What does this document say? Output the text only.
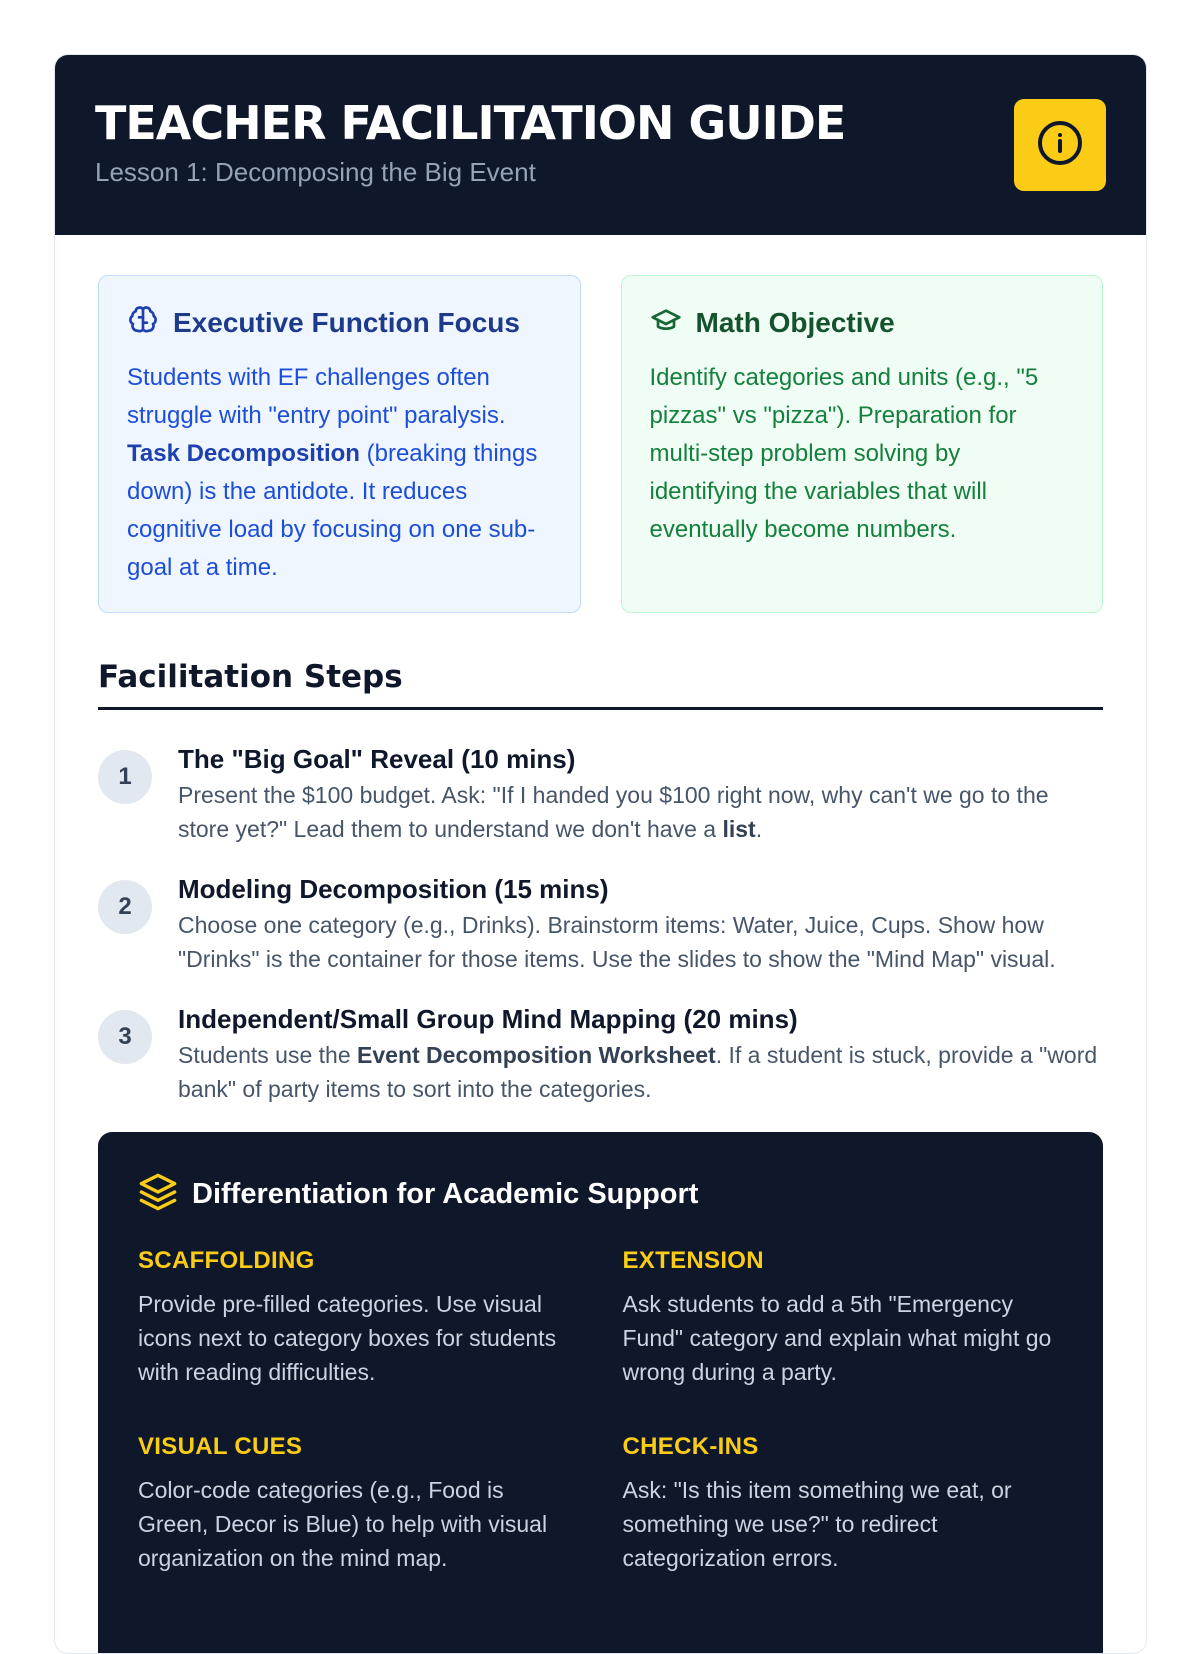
TEACHER FACILITATION GUIDE
Lesson 1: Decomposing the Big Event
Executive Function Focus

Students with EF challenges often struggle with "entry point" paralysis. Task Decomposition (breaking things down) is the antidote. It reduces cognitive load by focusing on one sub-goal at a time.

Math Objective

Identify categories and units (e.g., "5 pizzas" vs "pizza"). Preparation for multi-step problem solving by identifying the variables that will eventually become numbers.

Facilitation Steps
1
The "Big Goal" Reveal (10 mins)

Present the $100 budget. Ask: "If I handed you $100 right now, why can't we go to the store yet?" Lead them to understand we don't have a list.

2
Modeling Decomposition (15 mins)

Choose one category (e.g., Drinks). Brainstorm items: Water, Juice, Cups. Show how "Drinks" is the container for those items. Use the slides to show the "Mind Map" visual.

3
Independent/Small Group Mind Mapping (20 mins)

Students use the Event Decomposition Worksheet. If a student is stuck, provide a "word bank" of party items to sort into the categories.

Differentiation for Academic Support
SCAFFOLDING

Provide pre-filled categories. Use visual icons next to category boxes for students with reading difficulties.

EXTENSION

Ask students to add a 5th "Emergency Fund" category and explain what might go wrong during a party.

VISUAL CUES

Color-code categories (e.g., Food is Green, Decor is Blue) to help with visual organization on the mind map.

CHECK-INS

Ask: "Is this item something we eat, or something we use?" to redirect categorization errors.
